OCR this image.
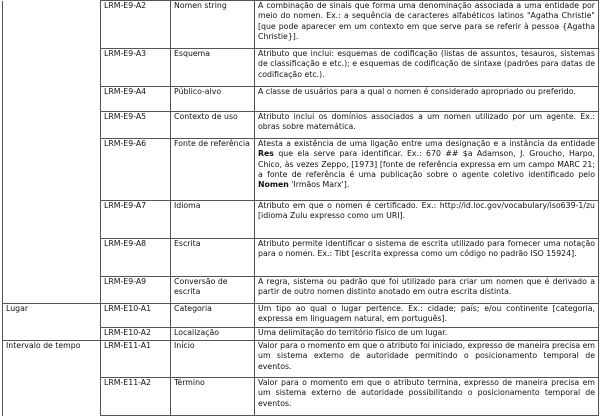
	LRM-E9-A2	Nomen string	A combinação de sinais que forma uma denominação associada a uma entidade por meio do nomen. Ex.: a sequência de caracteres alfabéticos latinos "Agatha Christie" [que pode aparecer em um contexto em que serve para se referir à pessoa {Agatha Christie}].
	LRM-E9-A3	Esquema	Atributo que inclui: esquemas de codificação (listas de assuntos, tesauros, sistemas de classificação e etc.); e esquemas de codificação de sintaxe (padrões para datas de codificação etc.).
	LRM-E9-A4	Público-alvo	A classe de usuários para a qual o nomen é considerado apropriado ou preferido.
	LRM-E9-A5	Contexto de uso	Atributo inclui os domínios associados a um nomen utilizado por um agente. Ex.: obras sobre matemática.
	LRM-E9-A6	Fonte de referência	Atesta a existência de uma ligação entre uma designação e a instância da entidade Res que ela serve para identificar. Ex.: 670 ## $a Adamson, J. Groucho, Harpo, Chico, às vezes Zeppo, [1973] [fonte de referência expressa em um campo MARC 21; a fonte de referência é uma publicação sobre o agente coletivo identificado pelo Nomen 'Irmãos Marx'].
	LRM-E9-A7	Idioma	Atributo em que o nomen é certificado. Ex.: http://id.loc.gov/vocabulary/iso639-1/zu [idioma Zulu expresso como um URI].
	LRM-E9-A8	Escrita	Atributo permite identificar o sistema de escrita utilizado para fornecer uma notação para o nomen. Ex.: Tibt [escrita expressa como um código no padrão ISO 15924].
	LRM-E9-A9	Conversão de escrita	A regra, sistema ou padrão que foi utilizado para criar um nomen que é derivado a partir de outro nomen distinto anotado em outra escrita distinta.
Lugar	LRM-E10-A1	Categoria	Um tipo ao qual o lugar pertence. Ex.: cidade; país; e/ou continente [categoria, expressa em linguagem natural, em português].
	LRM-E10-A2	Localização	Uma delimitação do território físico de um lugar.
Intervalo de tempo	LRM-E11-A1	Início	Valor para o momento em que o atributo foi iniciado, expresso de maneira precisa em um sistema externo de autoridade permitindo o posicionamento temporal de eventos.
	LRM-E11-A2	Término	Valor para o momento em que o atributo termina, expresso de maneira precisa em um sistema externo de autoridade possibilitando o posicionamento temporal de eventos.
